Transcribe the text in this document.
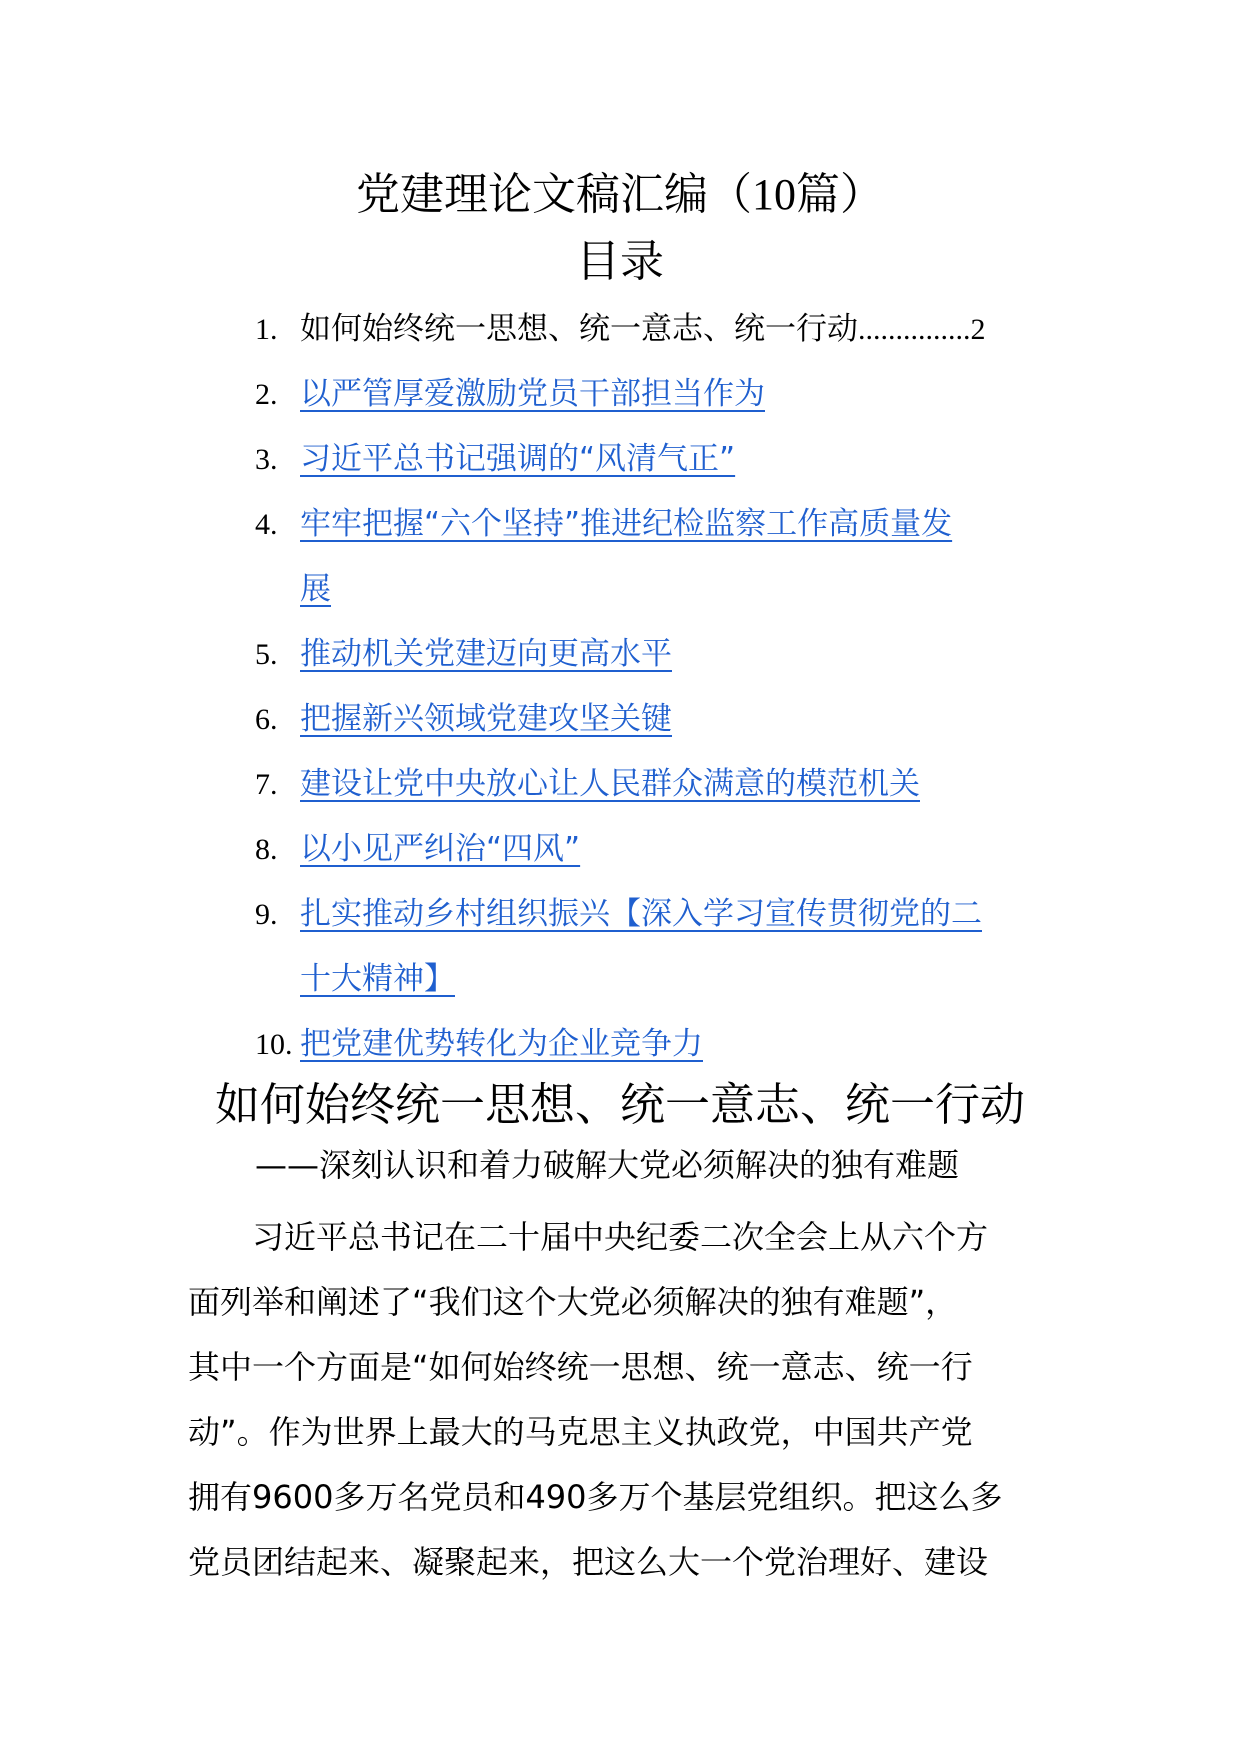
党建理论文稿汇编（10篇）
目录
1. 如何始终统一思想、统一意志、统一行动...............2
2. 以严管厚爱激励党员干部担当作为
3. 习近平总书记强调的“风清气正”
4. 牢牢把握“六个坚持”推进纪检监察工作高质量发
展
5. 推动机关党建迈向更高水平
6. 把握新兴领域党建攻坚关键
7. 建设让党中央放心让人民群众满意的模范机关
8. 以小见严纠治“四风”
9. 扎实推动乡村组织振兴【深入学习宣传贯彻党的二
十大精神】
10. 把党建优势转化为企业竞争力
如何始终统一思想、统一意志、统一行动
——深刻认识和着力破解大党必须解决的独有难题

　　习近平总书记在二十届中央纪委二次全会上从六个方
面列举和阐述了“我们这个大党必须解决的独有难题”，
其中一个方面是“如何始终统一思想、统一意志、统一行
动”。作为世界上最大的马克思主义执政党，中国共产党
拥有9600多万名党员和490多万个基层党组织。把这么多
党员团结起来、凝聚起来，把这么大一个党治理好、建设
